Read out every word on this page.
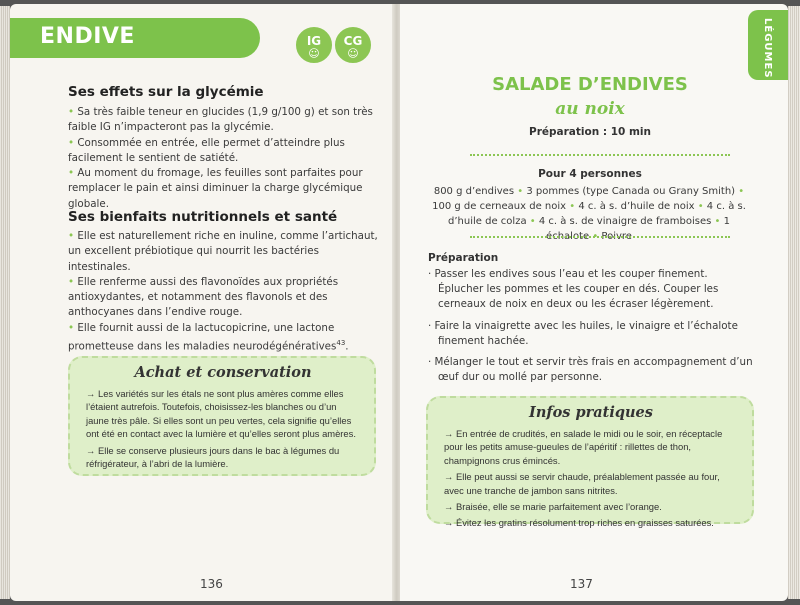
ENDIVE	IG
☺
CG
☺
Ses effets sur la glycémie

• Sa très faible teneur en glucides (1,9 g/100 g) et son très faible IG n’impacteront pas la glycémie.

• Consommée en entrée, elle permet d’atteindre plus facilement le sentient de satiété.

• Au moment du fromage, les feuilles sont parfaites pour remplacer le pain et ainsi diminuer la charge glycémique globale.

Ses bienfaits nutritionnels et santé

• Elle est naturellement riche en inuline, comme l’artichaut, un excellent prébiotique qui nourrit les bactéries intestinales.

• Elle renferme aussi des flavonoïdes aux propriétés antioxydantes, et notamment des flavonols et des anthocyanes dans l’endive rouge.

• Elle fournit aussi de la lactucopicrine, une lactone prometteuse dans les maladies neurodégénératives$^{43}$.

Achat et conservation

→ Les variétés sur les étals ne sont plus amères comme elles l’étaient autrefois. Toutefois, choisissez-les blanches ou d’un jaune très pâle. Si elles sont un peu vertes, cela signifie qu’elles ont été en contact avec la lumière et qu’elles seront plus amères.

→ Elle se conserve plusieurs jours dans le bac à légumes du réfrigérateur, à l’abri de la lumière.

136
LÉGUMES
SALADE D’ENDIVES
au noix
Préparation : 10 min
Pour 4 personnes

800 g d’endives • 3 pommes (type Canada ou Grany Smith) • 100 g de cerneaux de noix • 4 c. à s. d’huile de noix • 4 c. à s. d’huile de colza • 4 c. à s. de vinaigre de framboises • 1 échalote • Poivre

Préparation

· Passer les endives sous l’eau et les couper finement. Éplucher les pommes et les couper en dés. Couper les cerneaux de noix en deux ou les écraser légèrement.

· Faire la vinaigrette avec les huiles, le vinaigre et l’échalote finement hachée.

· Mélanger le tout et servir très frais en accompagnement d’un œuf dur ou mollé par personne.

Infos pratiques

→ En entrée de crudités, en salade le midi ou le soir, en réceptacle pour les petits amuse-gueules de l’apéritif : rillettes de thon, champignons crus émincés.

→ Elle peut aussi se servir chaude, préalablement passée au four, avec une tranche de jambon sans nitrites.

→ Braisée, elle se marie parfaitement avec l’orange.

→ Évitez les gratins résolument trop riches en graisses saturées.

137
